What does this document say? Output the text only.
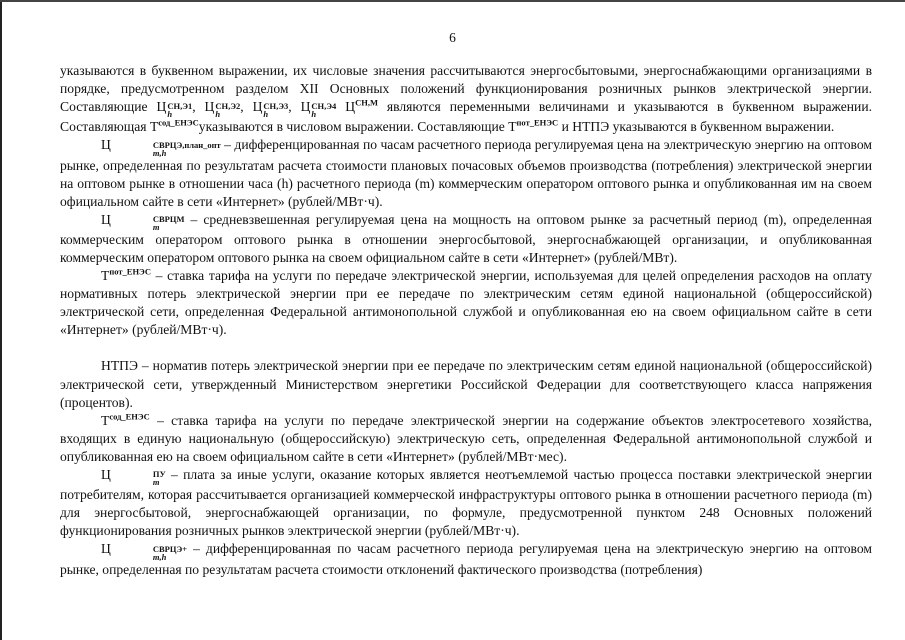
6

указываются в буквенном выражении, их числовые значения рассчитываются энергосбытовыми, энергоснабжающими организациями в порядке, предусмотренном разделом XII Основных положений функционирования розничных рынков электрической энергии. Составляющие Ц СН,Э1
h
, Ц СН,Э2
h
, Ц СН,Э3
h
, Ц СН,Э4
h
$Ц^{СН,М}$ являются переменными величинами и указываются в буквенном выражении. Составляющая $Т^{сод\_ЕНЭС}указываются$ в числовом выражении. Составляющие $Т^{пот\_ЕНЭС}$ и НТПЭ указываются в буквенном выражении.

Ц	СВРЦЭ,план_опт
m,h
– дифференцированная по часам расчетного периода регулируемая цена на электрическую энергию на оптовом рынке, определенная по результатам расчета стоимости плановых почасовых объемов производства (потребления) электрической энергии на оптовом рынке в отношении часа (h) расчетного периода (m) коммерческим оператором оптового рынка и опубликованная им на своем официальном сайте в сети «Интернет» (рублей/МВт·ч).

Ц	СВРЦМ
m
– средневзвешенная регулируемая цена на мощность на оптовом рынке за расчетный период (m), определенная коммерческим оператором оптового рынка в отношении энергосбытовой, энергоснабжающей организации, и опубликованная коммерческим оператором оптового рынка на своем официальном сайте в сети «Интернет» (рублей/МВт).

$Т^{пот\_ЕНЭС}$ – ставка тарифа на услуги по передаче электрической энергии, используемая для целей определения расходов на оплату нормативных потерь электрической энергии при ее передаче по электрическим сетям единой национальной (общероссийской) электрической сети, определенная Федеральной антимонопольной службой и опубликованная ею на своем официальном сайте в сети «Интернет» (рублей/МВт·ч).

НТПЭ – норматив потерь электрической энергии при ее передаче по электрическим сетям единой национальной (общероссийской) электрической сети, утвержденный Министерством энергетики Российской Федерации для соответствующего класса напряжения (процентов).

$Т^{сод\_ЕНЭС}$ – ставка тарифа на услуги по передаче электрической энергии на содержание объектов электросетевого хозяйства, входящих в единую национальную (общероссийскую) электрическую сеть, определенная Федеральной антимонопольной службой и опубликованная ею на своем официальном сайте в сети «Интернет» (рублей/МВт·мес).

Ц	ПУ
m
– плата за иные услуги, оказание которых является неотъемлемой частью процесса поставки электрической энергии потребителям, которая рассчитывается организацией коммерческой инфраструктуры оптового рынка в отношении расчетного периода (m) для энергосбытовой, энергоснабжающей организации, по формуле, предусмотренной пунктом 248 Основных положений функционирования розничных рынков электрической энергии (рублей/МВт·ч).

Ц	СВРЦЭ+
m,h
– дифференцированная по часам расчетного периода регулируемая цена на электрическую энергию на оптовом рынке, определенная по результатам расчета стоимости отклонений фактического производства (потребления)
